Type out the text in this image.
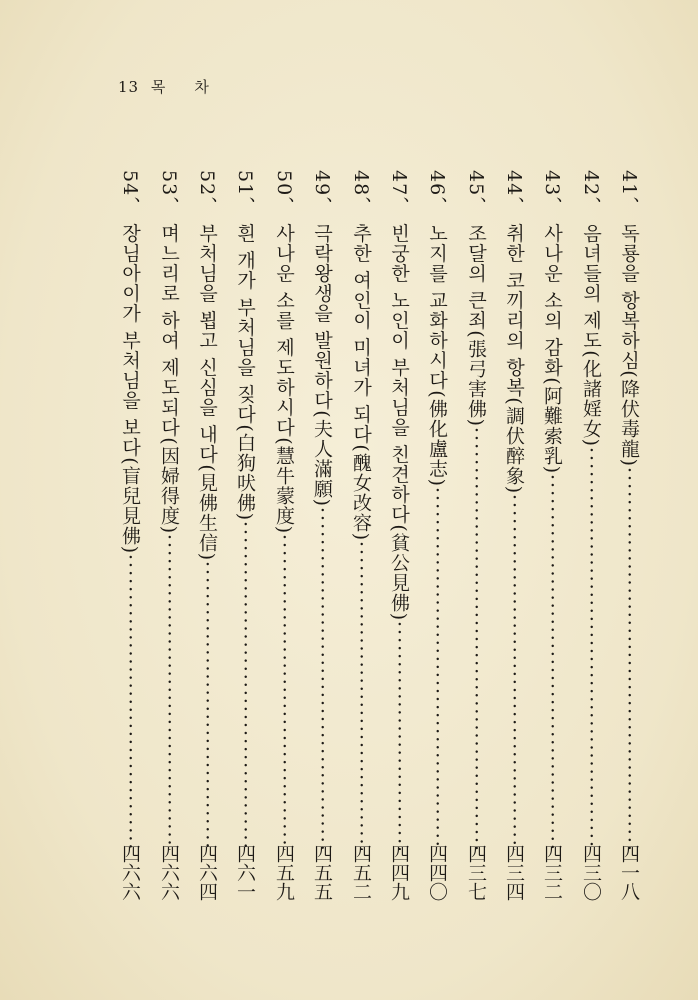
13 목 차
41、 독룡을 항복하심(降伏毒龍) ·····
四一八
42、 음녀들의 제도(化諸婬女) ·····
四三〇
43、 사나운 소의 감화(阿難索乳) ·····
四三二
44、 취한 코끼리의 항복(調伏醉象) ·····
四三四
45、 조달의 큰죄(張弓害佛) ·····
四三七
46、 노지를 교화하시다(佛化盧志) ·····
四四〇
47、 빈궁한 노인이 부처님을 친견하다(貧公見佛) ·····
四四九
48、 추한 여인이 미녀가 되다(醜女改容) ·····
四五二
49、 극락왕생을 발원하다(夫人滿願) ·····
四五五
50、 사나운 소를 제도하시다(慧牛蒙度) ·····
四五九
51、 흰 개가 부처님을 짖다(白狗吠佛) ·····
四六一
52、 부처님을 뵙고 신심을 내다(見佛生信) ·····
四六四
53、 며느리로 하여 제도되다(因婦得度) ·····
四六六
54、 장님아이가 부처님을 보다(盲兒見佛) ·····
四六六
